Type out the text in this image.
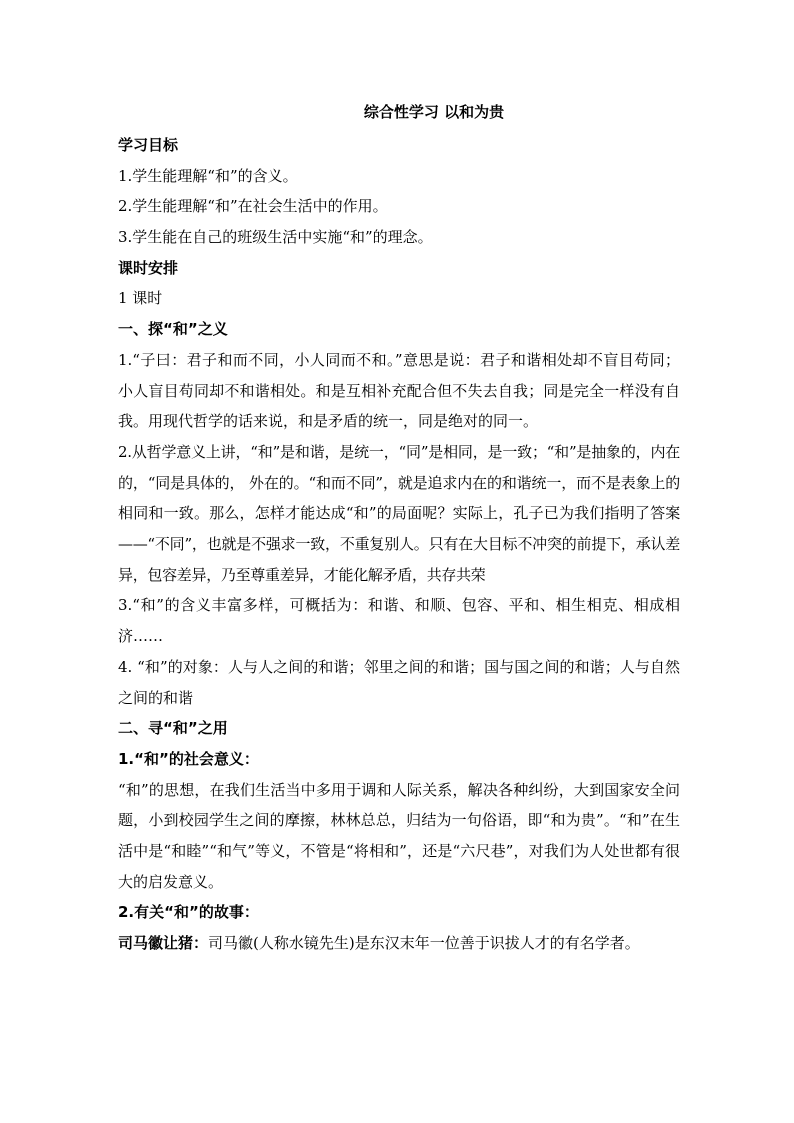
综合性学习 以和为贵
学习目标
1.学生能理解“和”的含义。
2.学生能理解“和”在社会生活中的作用。
3.学生能在自己的班级生活中实施“和”的理念。
课时安排
1 课时
一、探“和”之义
1.“子曰：君子和而不同，小人同而不和。”意思是说：君子和谐相处却不盲目苟同；小人盲目苟同却不和谐相处。和是互相补充配合但不失去自我；同是完全一样没有自我。用现代哲学的话来说，和是矛盾的统一，同是绝对的同一。
2.从哲学意义上讲，“和”是和谐，是统一，“同”是相同，是一致；“和”是抽象的，内在的，“同是具体的， 外在的。“和而不同”，就是追求内在的和谐统一，而不是表象上的相同和一致。那么，怎样才能达成“和”的局面呢？实际上，孔子已为我们指明了答案——“不同”，也就是不强求一致，不重复别人。只有在大目标不冲突的前提下，承认差异，包容差异，乃至尊重差异，才能化解矛盾，共存共荣
3.“和”的含义丰富多样，可概括为：和谐、和顺、包容、平和、相生相克、相成相济……
4. “和”的对象：人与人之间的和谐；邻里之间的和谐；国与国之间的和谐；人与自然之间的和谐
二、寻“和”之用
1.“和”的社会意义：
“和”的思想，在我们生活当中多用于调和人际关系，解决各种纠纷，大到国家安全问题，小到校园学生之间的摩擦，林林总总，归结为一句俗语，即“和为贵”。“和”在生活中是“和睦”“和气”等义，不管是“将相和”，还是“六尺巷”，对我们为人处世都有很大的启发意义。
2.有关“和”的故事：
司马徽让猪：司马徽(人称水镜先生)是东汉末年一位善于识拔人才的有名学者。
